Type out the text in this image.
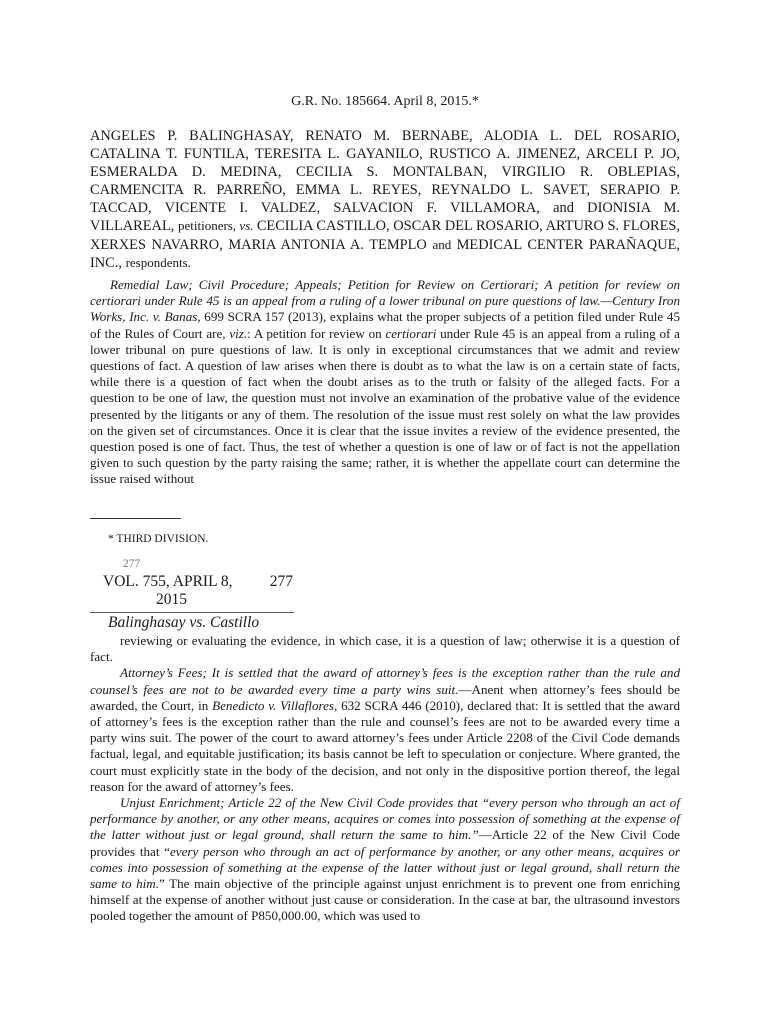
G.R. No. 185664. April 8, 2015.*
ANGELES P. BALINGHASAY, RENATO M. BERNABE, ALODIA L. DEL ROSARIO, CATALINA T. FUNTILA, TERESITA L. GAYANILO, RUSTICO A. JIMENEZ, ARCELI P. JO, ESMERALDA D. MEDINA, CECILIA S. MONTALBAN, VIRGILIO R. OBLEPIAS, CARMENCITA R. PARREÑO, EMMA L. REYES, REYNALDO L. SAVET, SERAPIO P. TACCAD, VICENTE I. VALDEZ, SALVACION F. VILLAMORA, and DIONISIA M. VILLAREAL, petitioners, vs. CECILIA CASTILLO, OSCAR DEL ROSARIO, ARTURO S. FLORES, XERXES NAVARRO, MARIA ANTONIA A. TEMPLO and MEDICAL CENTER PARAÑAQUE, INC., respondents.
Remedial Law; Civil Procedure; Appeals; Petition for Review on Certiorari; A petition for review on certiorari under Rule 45 is an appeal from a ruling of a lower tribunal on pure questions of law.—Century Iron Works, Inc. v. Banas, 699 SCRA 157 (2013), explains what the proper subjects of a petition filed under Rule 45 of the Rules of Court are, viz.: A petition for review on certiorari under Rule 45 is an appeal from a ruling of a lower tribunal on pure questions of law. It is only in exceptional circumstances that we admit and review questions of fact. A question of law arises when there is doubt as to what the law is on a certain state of facts, while there is a question of fact when the doubt arises as to the truth or falsity of the alleged facts. For a question to be one of law, the question must not involve an examination of the probative value of the evidence presented by the litigants or any of them. The resolution of the issue must rest solely on what the law provides on the given set of circumstances. Once it is clear that the issue invites a review of the evidence presented, the question posed is one of fact. Thus, the test of whether a question is one of law or of fact is not the appellation given to such question by the party raising the same; rather, it is whether the appellate court can determine the issue raised without
* THIRD DIVISION.
277
VOL. 755, APRIL 8, 277
2015
Balinghasay vs. Castillo

reviewing or evaluating the evidence, in which case, it is a question of law; otherwise it is a question of fact.

Attorney’s Fees; It is settled that the award of attorney’s fees is the exception rather than the rule and counsel’s fees are not to be awarded every time a party wins suit.—Anent when attorney’s fees should be awarded, the Court, in Benedicto v. Villaflores, 632 SCRA 446 (2010), declared that: It is settled that the award of attorney’s fees is the exception rather than the rule and counsel’s fees are not to be awarded every time a party wins suit. The power of the court to award attorney’s fees under Article 2208 of the Civil Code demands factual, legal, and equitable justification; its basis cannot be left to speculation or conjecture. Where granted, the court must explicitly state in the body of the decision, and not only in the dispositive portion thereof, the legal reason for the award of attorney’s fees.

Unjust Enrichment; Article 22 of the New Civil Code provides that “every person who through an act of performance by another, or any other means, acquires or comes into possession of something at the expense of the latter without just or legal ground, shall return the same to him.”—Article 22 of the New Civil Code provides that “every person who through an act of performance by another, or any other means, acquires or comes into possession of something at the expense of the latter without just or legal ground, shall return the same to him.” The main objective of the principle against unjust enrichment is to prevent one from enriching himself at the expense of another without just cause or consideration. In the case at bar, the ultrasound investors pooled together the amount of P850,000.00, which was used to
